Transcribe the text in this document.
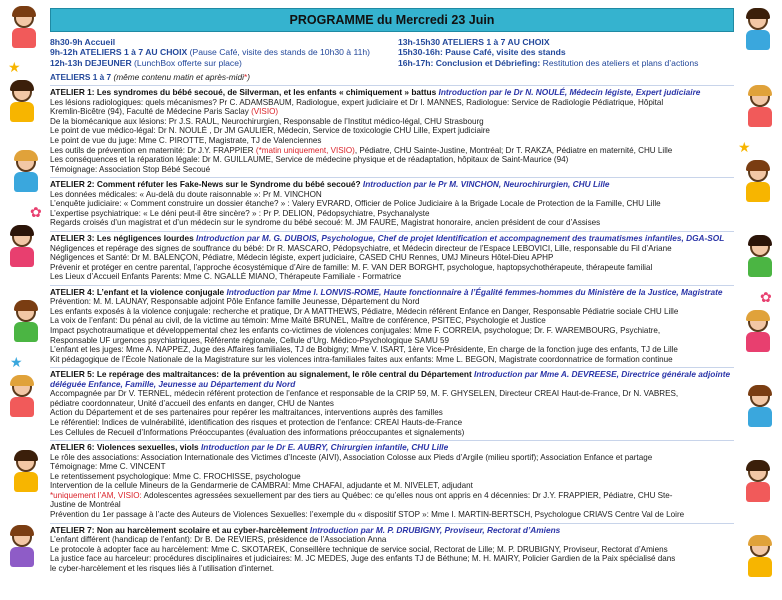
★
✿
★
★
✿
PROGRAMME du Mercredi 23 Juin
8h30-9h Accueil
9h-12h ATELIERS 1 à 7 AU CHOIX (Pause Café, visite des stands de 10h30 à 11h)
12h-13h DEJEUNER (LunchBox offerte sur place)
13h-15h30 ATELIERS 1 à 7 AU CHOIX
15h30-16h: Pause Café, visite des stands
16h-17h: Conclusion et Débriefing: Restitution des ateliers et plans d’actions
ATELIERS 1 à 7 (même contenu matin et après-midi*)
ATELIER 1: Les syndromes du bébé secoué, de Silverman, et les enfants « chimiquement » battus Introduction par le Dr N. NOULÉ, Médecin légiste, Expert judiciaire
Les lésions radiologiques: quels mécanismes? Pr C. ADAMSBAUM, Radiologue, expert judiciaire et Dr I. MANNES, Radiologue: Service de Radiologie Pédiatrique, Hôpital
Kremlin-Bicêtre (94), Faculté de Médecine Paris Saclay (VISIO)
De la biomécanique aux lésions: Pr J.S. RAUL, Neurochirurgien, Responsable de l’Institut médico-légal, CHU Strasbourg
Le point de vue médico-légal: Dr N. NOULÉ , Dr JM GAULIER, Médecin, Service de toxicologie CHU Lille, Expert judiciaire
Le point de vue du juge: Mme C. PIROTTE, Magistrate, TJ de Valenciennes
Les outils de prévention en maternité: Dr J.Y. FRAPPIER (*matin uniquement, VISIO), Pédiatre, CHU Sainte-Justine, Montréal; Dr T. RAKZA, Pédiatre en maternité, CHU Lille
Les conséquences et la réparation légale: Dr M. GUILLAUME, Service de médecine physique et de réadaptation, hôpitaux de Saint-Maurice (94)
Témoignage: Association Stop Bébé Secoué
ATELIER 2: Comment réfuter les Fake-News sur le Syndrome du bébé secoué? Introduction par le Pr M. VINCHON, Neurochirurgien, CHU Lille
Les données médicales: « Au-delà du doute raisonnable »: Pr M. VINCHON
L’enquête judiciaire: « Comment construire un dossier étanche? » : Valery EVRARD, Officier de Police Judiciaire à la Brigade Locale de Protection de la Famille, CHU Lille
L’expertise psychiatrique: « Le déni peut-il être sincère? » : Pr P. DELION, Pédopsychiatre, Psychanalyste
Regards croisés d’un magistrat et d’un médecin sur le syndrome du bébé secoué: M. JM FAURE, Magistrat honoraire, ancien président de cour d’Assises
ATELIER 3: Les négligences lourdes Introduction par M. G. DUBOIS, Psychologue, Chef de projet Identification et accompagnement des traumatismes infantiles, DGA-SOL
Négligences et repérage des signes de souffrance du bébé: Dr R. MASCARO, Pédopsychiatre, et Médecin directeur de l’Espace LEBOVICI, Lille, responsable du Fil d’Ariane
Négligences et Santé: Dr M. BALENÇON, Pédiatre, Médecin légiste, expert judiciaire, CASED CHU Rennes, UMJ Mineurs Hôtel-Dieu APHP
Prévenir et protéger en centre parental, l’approche écosystémique d’Aire de famille: M. F. VAN DER BORGHT, psychologue, haptopsychothérapeute, thérapeute familial
Les Lieux d’Accueil Enfants Parents: Mme C. NGALLÉ MIANO, Thérapeute Familiale - Formatrice
ATELIER 4: L’enfant et la violence conjugale Introduction par Mme I. LONVIS-ROME, Haute fonctionnaire à l’Égalité femmes-hommes du Ministère de la Justice, Magistrate
Prévention: M. M. LAUNAY, Responsable adjoint Pôle Enfance famille Jeunesse, Département du Nord
Les enfants exposés à la violence conjugale: recherche et pratique, Dr A MATTHEWS, Pédiatre, Médecin référent Enfance en Danger, Responsable Pédiatrie sociale CHU Lille
La voix de l’enfant: Du pénal au civil, de la victime au témoin: Mme Maïté BRUNEL, Maître de conférence, PSITEC, Psychologie et Justice
Impact psychotraumatique et développemental chez les enfants co-victimes de violences conjugales: Mme F. CORREIA, psychologue; Dr. F. WAREMBOURG, Psychiatre,
Responsable UF urgences psychiatriques, Référente régionale, Cellule d’Urg. Médico-Psychologique SAMU 59
L’enfant et les juges: Mme A. NAPPEZ, Juge des Affaires familiales, TJ de Bobigny; Mme V. ISART, 1ère Vice-Présidente, En charge de la fonction juge des enfants, TJ de Lille
Kit pédagogique de l’École Nationale de la Magistrature sur les violences intra-familiales faites aux enfants: Mme L. BEGON, Magistrate coordonnatrice de formation continue
ATELIER 5: Le repérage des maltraitances: de la prévention au signalement, le rôle central du Département Introduction par Mme A. DEVREESE, Directrice générale adjointe déléguée Enfance, Famille, Jeunesse au Département du Nord
Accompagnée par Dr V. TERNEL, médecin référent protection de l’enfance et responsable de la CRIP 59, M. F. GHYSELEN, Directeur CREAI Haut-de-France, Dr N. VABRES,
pédiatre coordonnateur, Unité d’accueil des enfants en danger, CHU de Nantes
Action du Département et de ses partenaires pour repérer les maltraitances, interventions auprès des familles
Le référentiel: Indices de vulnérabilité, identification des risques et protection de l’enfance: CREAI Hauts-de-France
Les Cellules de Recueil d’Informations Préoccupantes (évaluation des informations préoccupantes et signalements)
ATELIER 6: Violences sexuelles, viols Introduction par le Dr E. AUBRY, Chirurgien infantile, CHU Lille
Le rôle des associations: Association Internationale des Victimes d’Inceste (AIVI), Association Colosse aux Pieds d’Argile (milieu sportif); Association Enfance et partage
Témoignage: Mme C. VINCENT
Le retentissement psychologique: Mme C. FROCHISSE, psychologue
Intervention de la cellule Mineurs de la Gendarmerie de CAMBRAI: Mme CHAFAI, adjudante et M. NIVELET, adjudant
*uniquement l’AM, VISIO: Adolescentes agressées sexuellement par des tiers au Québec: ce qu’elles nous ont appris en 4 décennies: Dr J.Y. FRAPPIER, Pédiatre, CHU Ste-
Justine de Montréal
Prévention du 1er passage à l’acte des Auteurs de Violences Sexuelles: l’exemple du « dispositif STOP »: Mme I. MARTIN-BERTSCH, Psychologue CRIAVS Centre Val de Loire
ATELIER 7: Non au harcèlement scolaire et au cyber-harcèlement Introduction par M. P. DRUBIGNY, Proviseur, Rectorat d’Amiens
L’enfant différent (handicap de l’enfant): Dr B. De REVIERS, présidence de l’Association Anna
Le protocole à adopter face au harcèlement: Mme C. SKOTAREK, Conseillère technique de service social, Rectorat de Lille; M. P. DRUBIGNY, Proviseur, Rectorat d’Amiens
La justice face au harceleur: procédures disciplinaires et judiciaires: M. JC MEDES, Juge des enfants TJ de Béthune; M. H. MAIRY, Policier Gardien de la Paix spécialisé dans
le cyber-harcèlement et les risques liés à l’utilisation d’internet.
